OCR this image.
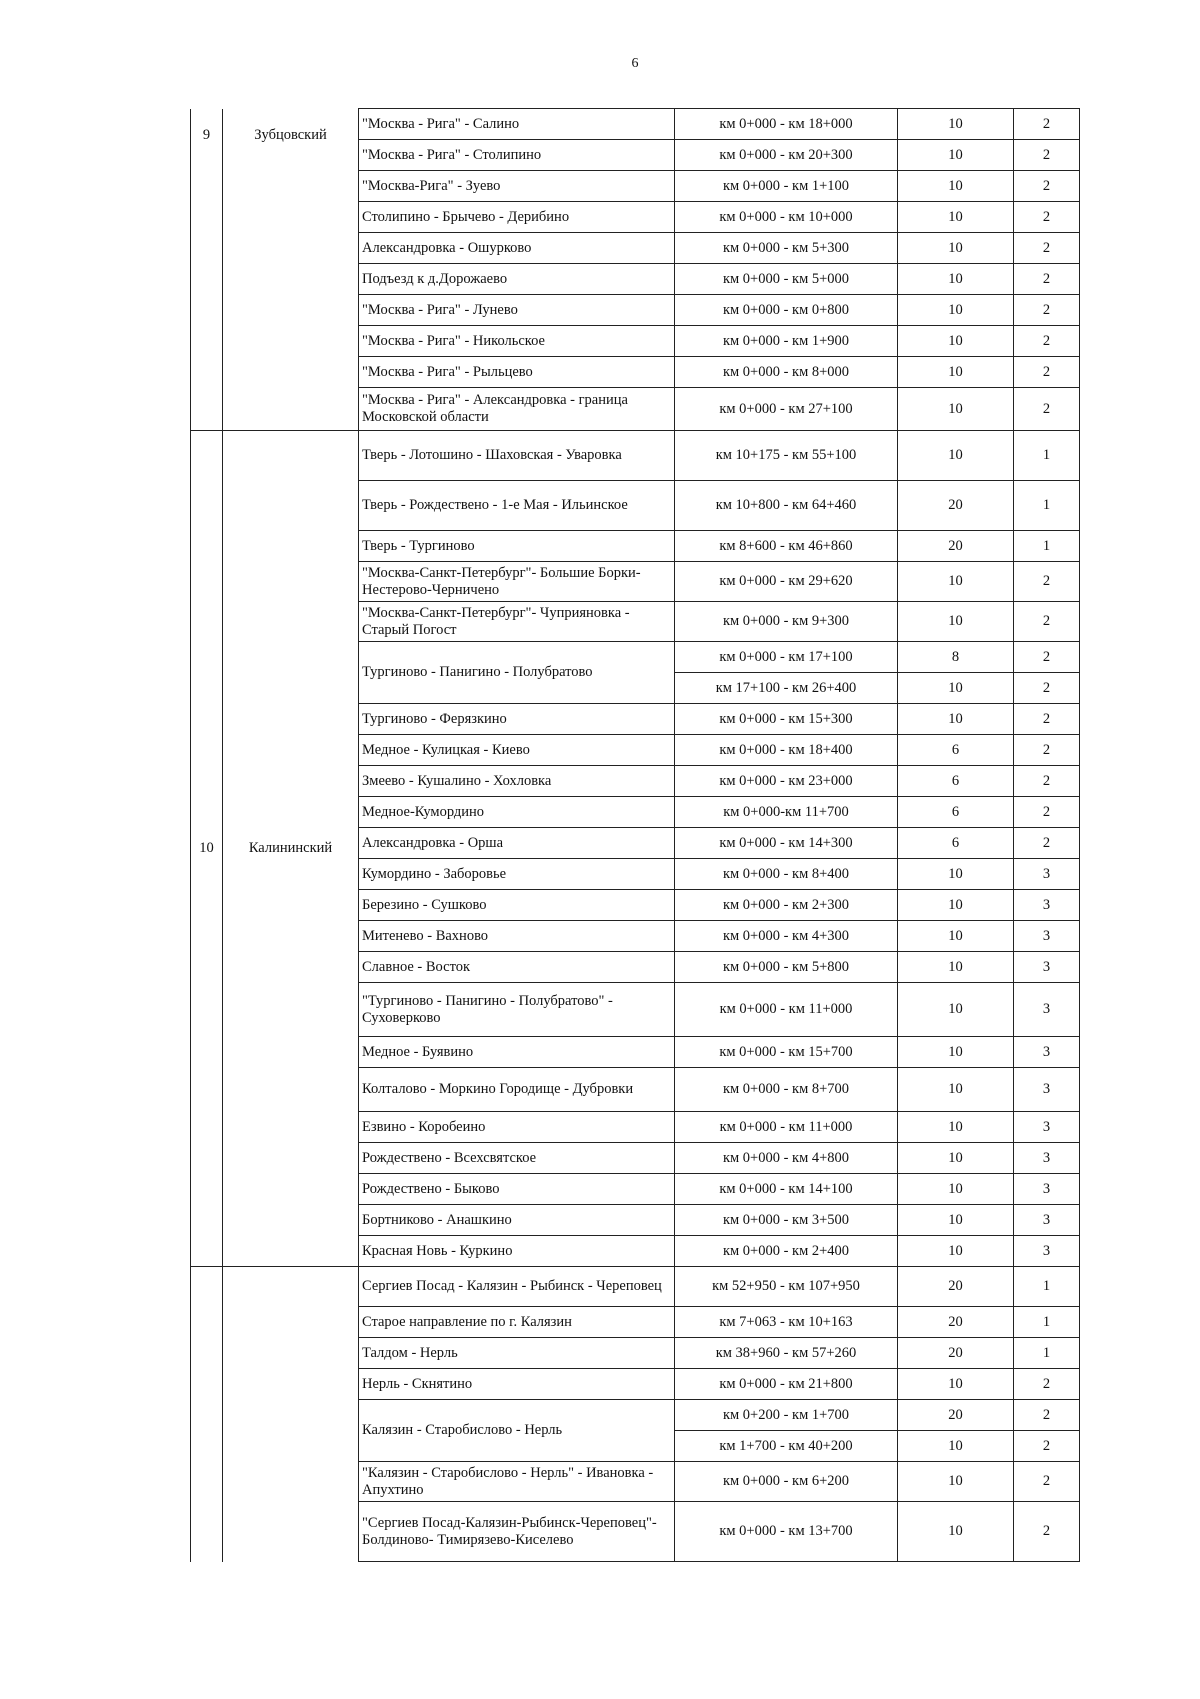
6
9	Зубцовский	"Москва - Рига" - Салино	км 0+000 - км 18+000	10	2
		"Москва - Рига" - Столипино	км 0+000 - км 20+300	10	2
		"Москва-Рига" - Зуево	км 0+000 - км 1+100	10	2
		Столипино - Брычево - Дерибино	км 0+000 - км 10+000	10	2
		Александровка - Ошурково	км 0+000 - км 5+300	10	2
		Подъезд к д.Дорожаево	км 0+000 - км 5+000	10	2
		"Москва - Рига" - Лунево	км 0+000 - км 0+800	10	2
		"Москва - Рига" - Никольское	км 0+000 - км 1+900	10	2
		"Москва - Рига" - Рыльцево	км 0+000 - км 8+000	10	2
		"Москва - Рига" - Александровка - граница Московской области	км 0+000 - км 27+100	10	2
10	Калининский	Тверь - Лотошино - Шаховская - Уваровка	км 10+175 - км 55+100	10	1
		Тверь - Рождествено - 1-е Мая - Ильинское	км 10+800 - км 64+460	20	1
		Тверь - Тургиново	км 8+600 - км 46+860	20	1
		"Москва-Санкт-Петербург"- Большие Борки-Нестерово-Черничено	км 0+000 - км 29+620	10	2
		"Москва-Санкт-Петербург"- Чуприяновка - Старый Погост	км 0+000 - км 9+300	10	2
		Тургиново - Панигино - Полубратово	км 0+000 - км 17+100	8	2
			км 17+100 - км 26+400	10	2
		Тургиново - Ферязкино	км 0+000 - км 15+300	10	2
		Медное - Кулицкая - Киево	км 0+000 - км 18+400	6	2
		Змеево - Кушалино - Хохловка	км 0+000 - км 23+000	6	2
		Медное-Кумордино	км 0+000-км 11+700	6	2
		Александровка - Орша	км 0+000 - км 14+300	6	2
		Кумордино - Заборовье	км 0+000 - км 8+400	10	3
		Березино - Сушково	км 0+000 - км 2+300	10	3
		Митенево - Вахново	км 0+000 - км 4+300	10	3
		Славное - Восток	км 0+000 - км 5+800	10	3
		"Тургиново - Панигино - Полубратово" - Суховерково	км 0+000 - км 11+000	10	3
		Медное - Буявино	км 0+000 - км 15+700	10	3
		Колталово - Моркино Городище - Дубровки	км 0+000 - км 8+700	10	3
		Езвино - Коробеино	км 0+000 - км 11+000	10	3
		Рождествено - Всехсвятское	км 0+000 - км 4+800	10	3
		Рождествено - Быково	км 0+000 - км 14+100	10	3
		Бортниково - Анашкино	км 0+000 - км 3+500	10	3
		Красная Новь - Куркино	км 0+000 - км 2+400	10	3
		Сергиев Посад - Калязин - Рыбинск - Череповец	км 52+950 - км 107+950	20	1
		Старое направление по г. Калязин	км 7+063 - км 10+163	20	1
		Талдом - Нерль	км 38+960 - км 57+260	20	1
		Нерль - Скнятино	км 0+000 - км 21+800	10	2
		Калязин - Старобислово - Нерль	км 0+200 - км 1+700	20	2
			км 1+700 - км 40+200	10	2
		"Калязин - Старобислово - Нерль" - Ивановка - Апухтино	км 0+000 - км 6+200	10	2
		"Сергиев Посад-Калязин-Рыбинск-Череповец"-Болдиново- Тимирязево-Киселево	км 0+000 - км 13+700	10	2
